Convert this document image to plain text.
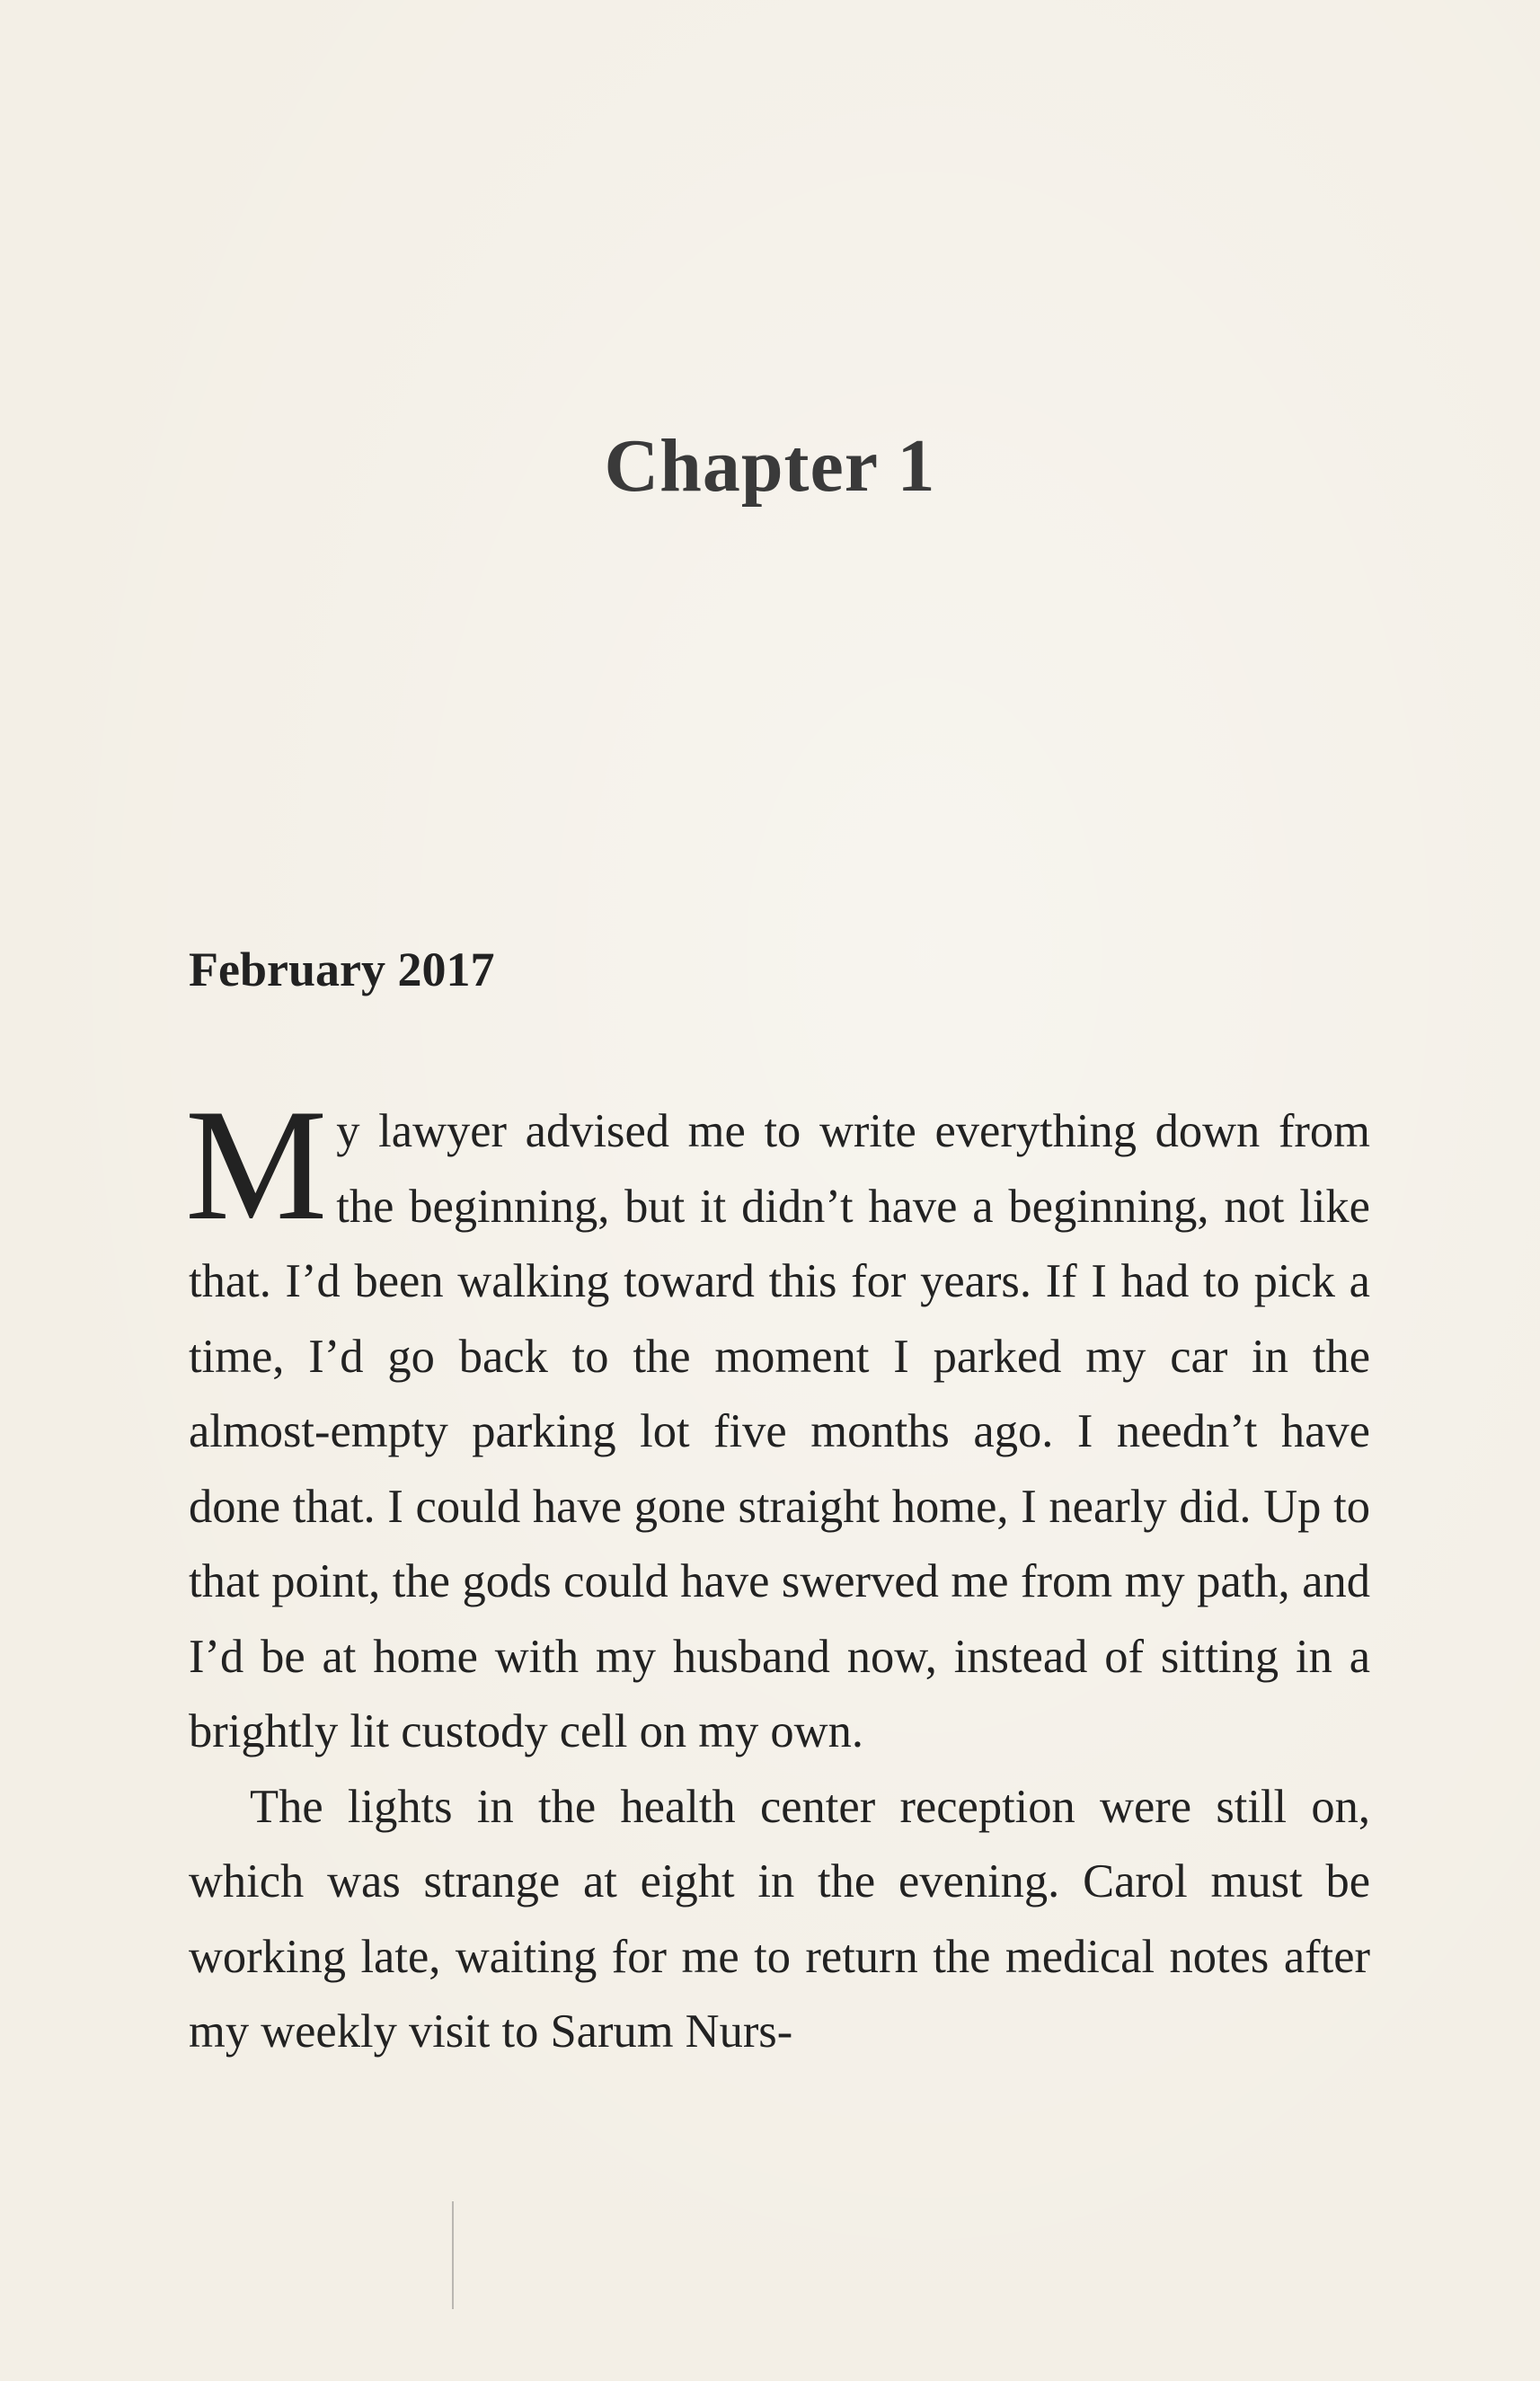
Chapter 1
February 2017

My lawyer advised me to write everything down from the beginning, but it didn’t have a beginning, not like that. I’d been walking toward this for years. If I had to pick a time, I’d go back to the moment I parked my car in the almost-empty parking lot five months ago. I needn’t have done that. I could have gone straight home, I nearly did. Up to that point, the gods could have swerved me from my path, and I’d be at home with my husband now, instead of sitting in a brightly lit custody cell on my own.

The lights in the health center reception were still on, which was strange at eight in the evening. Carol must be working late, waiting for me to return the medical notes after my weekly visit to Sarum Nurs-
